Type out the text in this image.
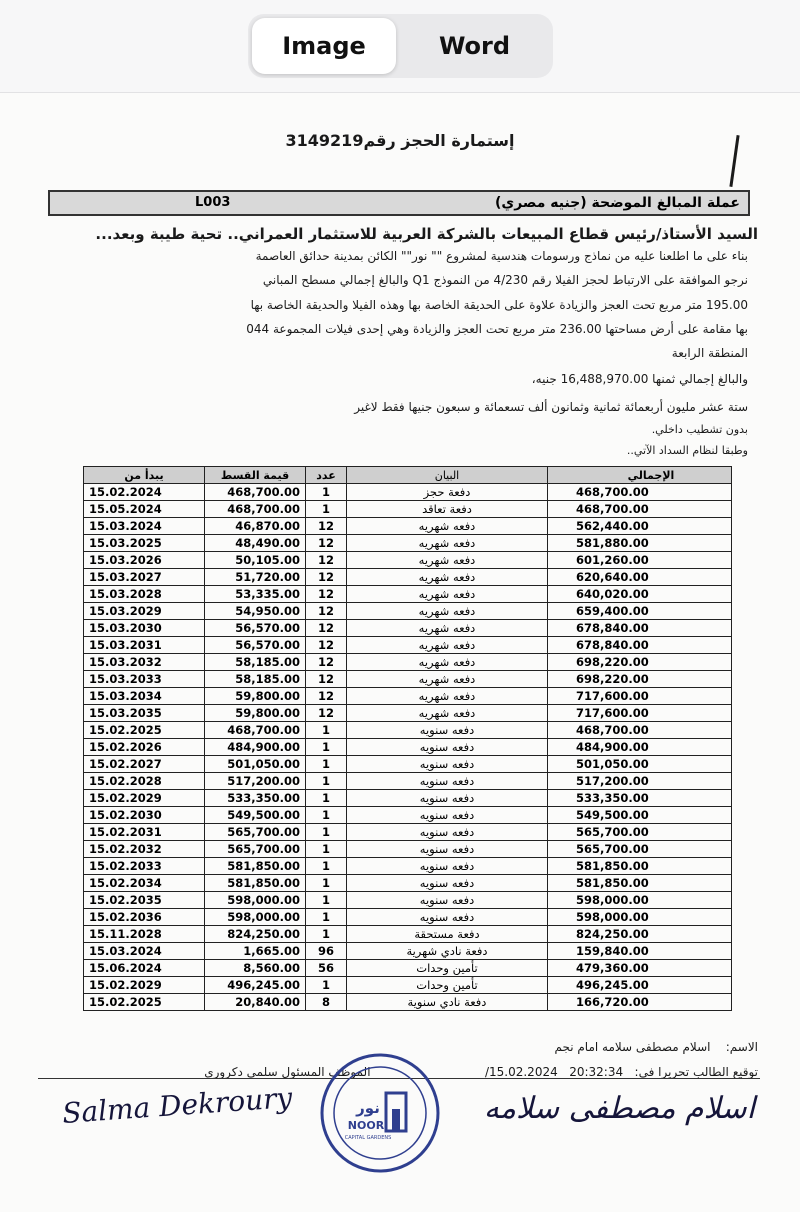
Image	Word
إستمارة الحجز رقم3149219
عملة المبالغ الموضحة (جنيه مصري)
L003
السيد الأستاذ/رئيس قطاع المبيعات بالشركة العربية للاستثمار العمراني.. تحية طيبة وبعد...
بناء على ما اطلعنا عليه من نماذج ورسومات هندسية لمشروع "" نور"" الكائن بمدينة حدائق العاصمة
نرجو الموافقة على الارتباط لحجز الفيلا رقم 4/230 من النموذج Q1 والبالغ إجمالي مسطح المباني
195.00 متر مربع تحت العجز والزيادة علاوة على الحديقة الخاصة بها وهذه الفيلا والحديقة الخاصة بها
بها مقامة على أرض مساحتها 236.00 متر مربع تحت العجز والزيادة وهي إحدى فيلات المجموعة 044
المنطقة الرابعة
والبالغ إجمالي ثمنها 16,488,970.00 جنيه،
ستة عشر مليون أربعمائة ثمانية وثمانون ألف تسعمائة و سبعون جنيها فقط لاغير
بدون تشطيب داخلي.
وطبقا لنظام السداد الآتي..
يبدأ من	قيمة القسط	عدد	البيان	الإجمالي
15.02.2024	468,700.00	1	دفعة حجز	468,700.00
15.05.2024	468,700.00	1	دفعة تعاقد	468,700.00
15.03.2024	46,870.00	12	دفعه شهريه	562,440.00
15.03.2025	48,490.00	12	دفعه شهريه	581,880.00
15.03.2026	50,105.00	12	دفعه شهريه	601,260.00
15.03.2027	51,720.00	12	دفعه شهريه	620,640.00
15.03.2028	53,335.00	12	دفعه شهريه	640,020.00
15.03.2029	54,950.00	12	دفعه شهريه	659,400.00
15.03.2030	56,570.00	12	دفعه شهريه	678,840.00
15.03.2031	56,570.00	12	دفعه شهريه	678,840.00
15.03.2032	58,185.00	12	دفعه شهريه	698,220.00
15.03.2033	58,185.00	12	دفعه شهريه	698,220.00
15.03.2034	59,800.00	12	دفعه شهريه	717,600.00
15.03.2035	59,800.00	12	دفعه شهريه	717,600.00
15.02.2025	468,700.00	1	دفعه سنويه	468,700.00
15.02.2026	484,900.00	1	دفعه سنويه	484,900.00
15.02.2027	501,050.00	1	دفعه سنويه	501,050.00
15.02.2028	517,200.00	1	دفعه سنويه	517,200.00
15.02.2029	533,350.00	1	دفعه سنويه	533,350.00
15.02.2030	549,500.00	1	دفعه سنويه	549,500.00
15.02.2031	565,700.00	1	دفعه سنويه	565,700.00
15.02.2032	565,700.00	1	دفعه سنويه	565,700.00
15.02.2033	581,850.00	1	دفعه سنويه	581,850.00
15.02.2034	581,850.00	1	دفعه سنويه	581,850.00
15.02.2035	598,000.00	1	دفعه سنويه	598,000.00
15.02.2036	598,000.00	1	دفعه سنويه	598,000.00
15.11.2028	824,250.00	1	دفعة مستحقة	824,250.00
15.03.2024	1,665.00	96	دفعة نادي شهرية	159,840.00
15.06.2024	8,560.00	56	تأمين وحدات	479,360.00
15.02.2029	496,245.00	1	تأمين وحدات	496,245.00
15.02.2025	20,840.00	8	دفعة نادي سنوية	166,720.00
الاسم:    اسلام مصطفى سلامه امام نجم
توقيع الطالب تحريرا في:   20:32:34   15.02.2024/                              الموظف المسئول سلمى دكرورى
Salma Dekroury	اسلام مصطفى سلامه
نور
NOOR
CAPITAL GARDENS
